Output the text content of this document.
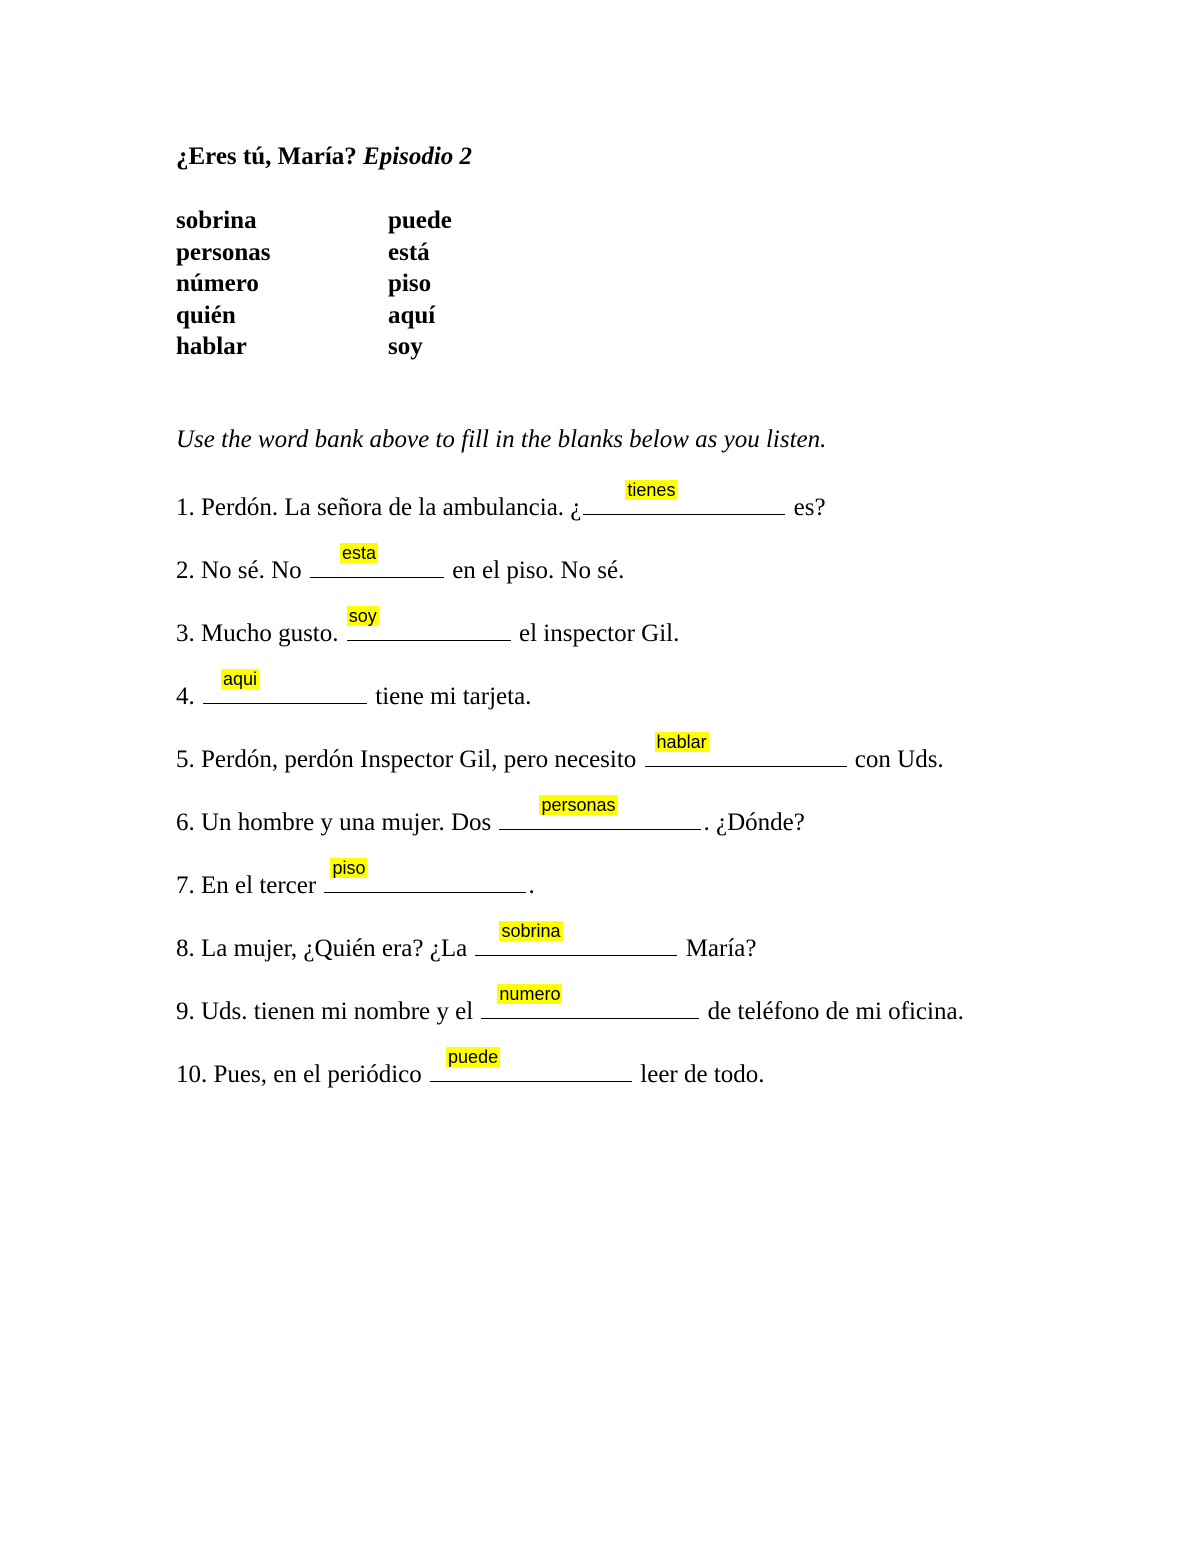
¿Eres tú, María? Episodio 2
sobrina	puede
personas	está
número	piso
quién	aquí
hablar	soy
Use the word bank above to fill in the blanks below as you listen.
1. Perdón. La señora de la ambulancia. ¿
tienes
es?
2. No sé. No
esta
en el piso. No sé.
3. Mucho gusto.
soy
el inspector Gil.
4.
aqui
tiene mi tarjeta.
5. Perdón, perdón Inspector Gil, pero necesito
hablar
con Uds.
6. Un hombre y una mujer. Dos
personas
. ¿Dónde?
7. En el tercer
piso
.
8. La mujer, ¿Quién era? ¿La
sobrina
María?
9. Uds. tienen mi nombre y el
numero
de teléfono de mi oficina.
10. Pues, en el periódico
puede
leer de todo.
